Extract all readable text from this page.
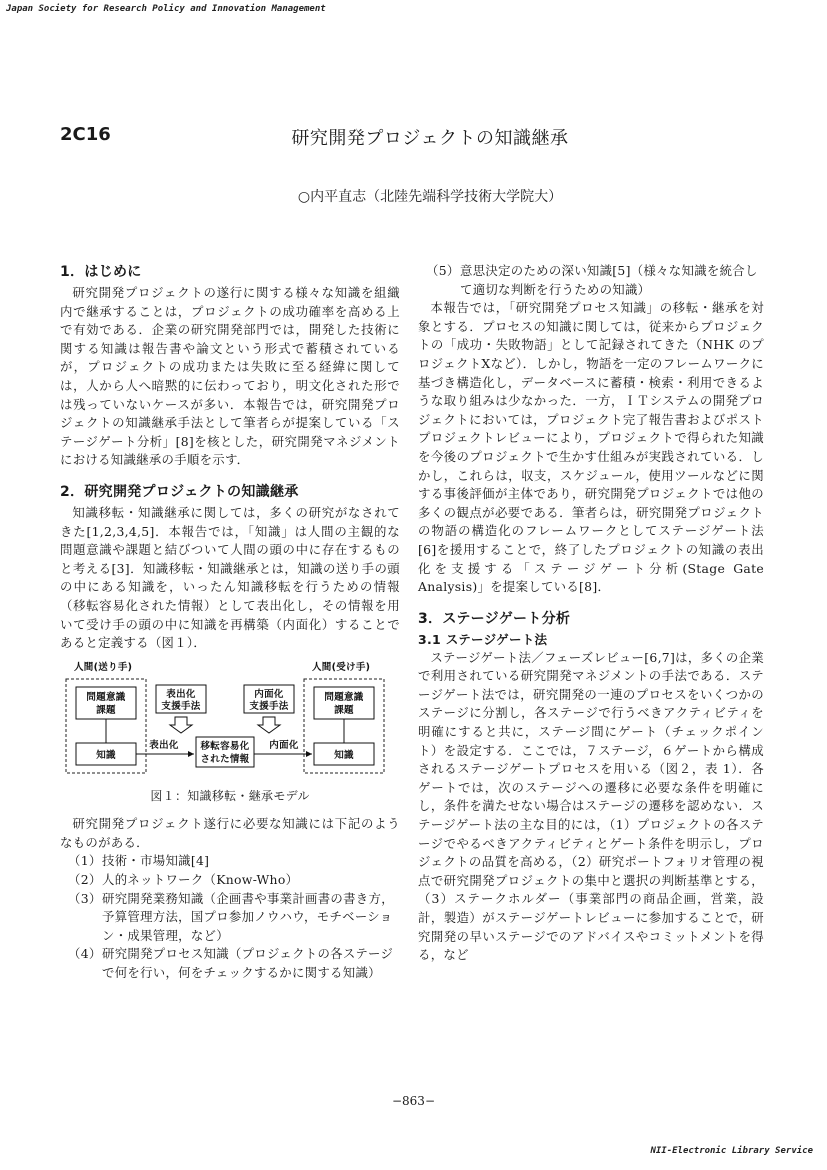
Japan Society for Research Policy and Innovation Management
2C16	研究開発プロジェクトの知識継承
○内平直志（北陸先端科学技術大学院大）
1．はじめに

研究開発プロジェクトの遂行に関する様々な知識を組織内で継承することは，プロジェクトの成功確率を高める上で有効である．企業の研究開発部門では，開発した技術に関する知識は報告書や論文という形式で蓄積されているが，プロジェクトの成功または失敗に至る経緯に関しては，人から人へ暗黙的に伝わっており，明文化された形では残っていないケースが多い．本報告では，研究開発プロジェクトの知識継承手法として筆者らが提案している「ステージゲート分析」[8]を核とした，研究開発マネジメントにおける知識継承の手順を示す．

2．研究開発プロジェクトの知識継承

知識移転・知識継承に関しては，多くの研究がなされてきた[1,2,3,4,5]．本報告では，「知識」は人間の主観的な問題意識や課題と結びついて人間の頭の中に存在するものと考える[3]．知識移転・知識継承とは，知識の送り手の頭の中にある知識を，いったん知識移転を行うための情報（移転容易化された情報）として表出化し，その情報を用いて受け手の頭の中に知識を再構築（内面化）することであると定義する（図１）．

人間(送り手)	人間(受け手)
問題意識
課題
知識
問題意識
課題
知識
表出化
支援手法
内面化
支援手法
移転容易化
された情報
表出化	内面化
図１：知識移転・継承モデル

研究開発プロジェクト遂行に必要な知識には下記のようなものがある．

（1） 技術・市場知識[4]
（2） 人的ネットワーク（Know-Who）
（3） 研究開発業務知識（企画書や事業計画書の書き方，予算管理方法，国プロ参加ノウハウ，モチベーション・成果管理，など）
（4） 研究開発プロセス知識（プロジェクトの各ステージで何を行い，何をチェックするかに関する知識）
（5） 意思決定のための深い知識[5]（様々な知識を統合して適切な判断を行うための知識）

本報告では，「研究開発プロセス知識」の移転・継承を対象とする．プロセスの知識に関しては，従来からプロジェクトの「成功・失敗物語」として記録されてきた（NHK のプロジェクトXなど）．しかし，物語を一定のフレームワークに基づき構造化し，データベースに蓄積・検索・利用できるような取り組みは少なかった．一方，ＩＴシステムの開発プロジェクトにおいては，プロジェクト完了報告書およびポストプロジェクトレビューにより，プロジェクトで得られた知識を今後のプロジェクトで生かす仕組みが実践されている．しかし，これらは，収支，スケジュール，使用ツールなどに関する事後評価が主体であり，研究開発プロジェクトでは他の多くの観点が必要である．筆者らは，研究開発プロジェクトの物語の構造化のフレームワークとしてステージゲート法 [6]を援用することで，終了したプロジェクトの知識の表出化を支援する「ステージゲート分析(Stage Gate Analysis)」を提案している[8]．

3．ステージゲート分析
3.1 ステージゲート法

ステージゲート法／フェーズレビュー[6,7]は，多くの企業で利用されている研究開発マネジメントの手法である．ステージゲート法では，研究開発の一連のプロセスをいくつかのステージに分割し，各ステージで行うべきアクティビティを明確にすると共に，ステージ間にゲート（チェックポイント）を設定する．ここでは，７ステージ，６ゲートから構成されるステージゲートプロセスを用いる（図２，表 1）．各ゲートでは，次のステージへの遷移に必要な条件を明確にし，条件を満たせない場合はステージの遷移を認めない．ステージゲート法の主な目的には，（1）プロジェクトの各ステージでやるべきアクティビティとゲート条件を明示し，プロジェクトの品質を高める，（2）研究ポートフォリオ管理の視点で研究開発プロジェクトの集中と選択の判断基準とする，（3）ステークホルダー（事業部門の商品企画，営業，設計，製造）がステージゲートレビューに参加することで，研究開発の早いステージでのアドバイスやコミットメントを得る，など

−863−
NII-Electronic Library Service
